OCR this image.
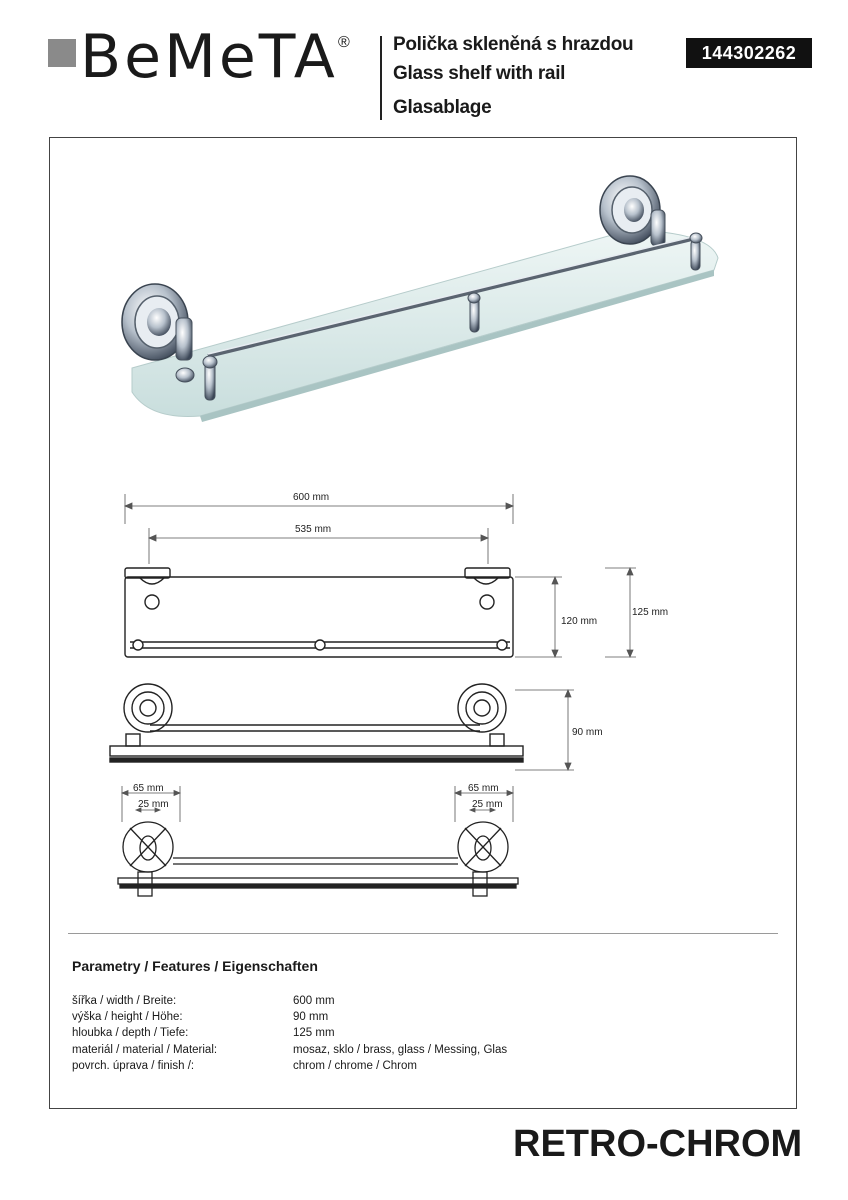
BeMeTA ® Polička skleněná s hrazdou
Glass shelf with rail
Glasablage
144302262
600 mm
535 mm
120 mm
125 mm
90 mm
65 mm
25 mm
65 mm
25 mm
Parametry / Features / Eigenschaften
šířka / width / Breite:	600 mm
výška / height / Höhe:	90 mm
hloubka / depth / Tiefe:	125 mm
materiál / material / Material:	mosaz, sklo / brass, glass / Messing, Glas
povrch. úprava / finish /:	chrom / chrome / Chrom
RETRO-CHROM
